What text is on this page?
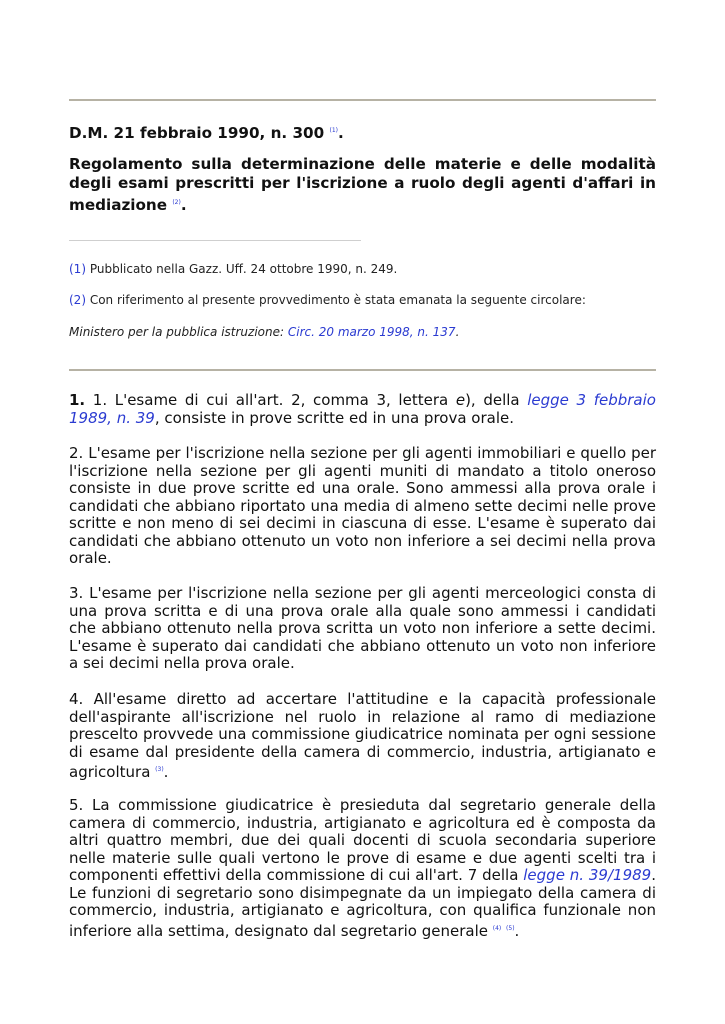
D.M. 21 febbraio 1990, n. 300 $^{(1)}$.

Regolamento sulla determinazione delle materie e delle modalità degli esami prescritti per l'iscrizione a ruolo degli agenti d'affari in mediazione $^{(2)}$.

(1) Pubblicato nella Gazz. Uff. 24 ottobre 1990, n. 249.

(2) Con riferimento al presente provvedimento è stata emanata la seguente circolare:

Ministero per la pubblica istruzione: Circ. 20 marzo 1998, n. 137.

1. 1. L'esame di cui all'art. 2, comma 3, lettera e), della legge 3 febbraio 1989, n. 39, consiste in prove scritte ed in una prova orale.

2. L'esame per l'iscrizione nella sezione per gli agenti immobiliari e quello per l'iscrizione nella sezione per gli agenti muniti di mandato a titolo oneroso consiste in due prove scritte ed una orale. Sono ammessi alla prova orale i candidati che abbiano riportato una media di almeno sette decimi nelle prove scritte e non meno di sei decimi in ciascuna di esse. L'esame è superato dai candidati che abbiano ottenuto un voto non inferiore a sei decimi nella prova orale.

3. L'esame per l'iscrizione nella sezione per gli agenti merceologici consta di una prova scritta e di una prova orale alla quale sono ammessi i candidati che abbiano ottenuto nella prova scritta un voto non inferiore a sette decimi. L'esame è superato dai candidati che abbiano ottenuto un voto non inferiore a sei decimi nella prova orale.

4. All'esame diretto ad accertare l'attitudine e la capacità professionale dell'aspirante all'iscrizione nel ruolo in relazione al ramo di mediazione prescelto provvede una commissione giudicatrice nominata per ogni sessione di esame dal presidente della camera di commercio, industria, artigianato e agricoltura $^{(3)}$.

5. La commissione giudicatrice è presieduta dal segretario generale della camera di commercio, industria, artigianato e agricoltura ed è composta da altri quattro membri, due dei quali docenti di scuola secondaria superiore nelle materie sulle quali vertono le prove di esame e due agenti scelti tra i componenti effettivi della commissione di cui all'art. 7 della legge n. 39/1989. Le funzioni di segretario sono disimpegnate da un impiegato della camera di commercio, industria, artigianato e agricoltura, con qualifica funzionale non inferiore alla settima, designato dal segretario generale $^{(4)}$ $^{(5)}$.
